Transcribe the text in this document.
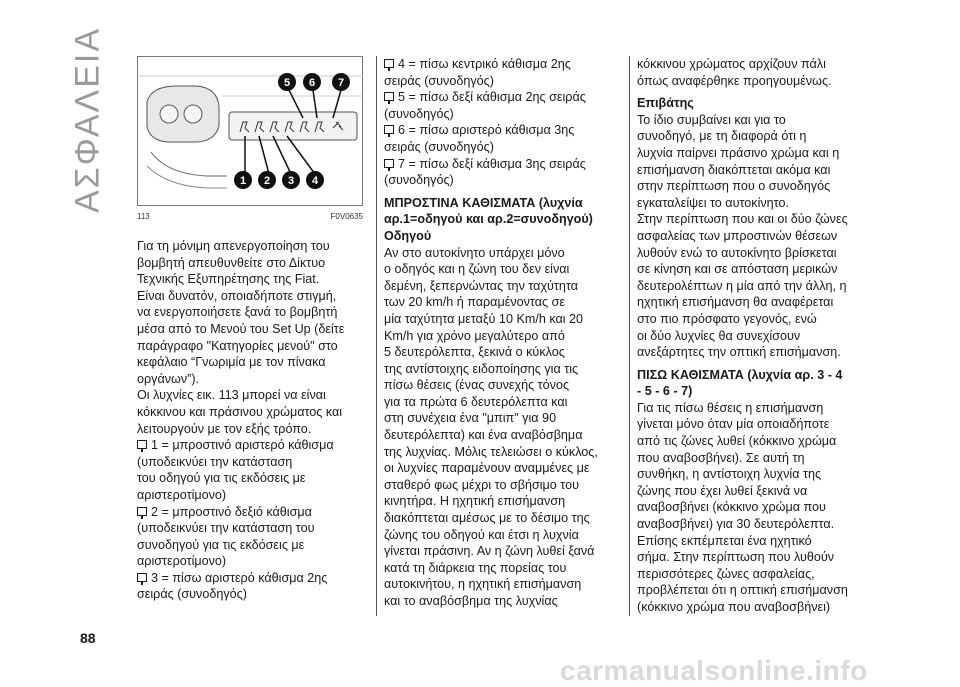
ΑΣΦΑΛΕΙΑ	1 2 3 4
5 6 7
113	F0V0635

Για τη μόνιμη απενεργοποίηση του

βομβητή απευθυνθείτε στο Δίκτυο

Τεχνικής Εξυπηρέτησης της Fiat.

Είναι δυνατόν, οποιαδήποτε στιγμή,

να ενεργοποιήσετε ξανά το βομβητή

μέσα από το Μενού του Set Up (δείτε

παράγραφο "Κατηγορίες μενού" στο

κεφάλαιο “Γνωριμία με τον πίνακα

οργάνων”).

Οι λυχνίες εικ. 113 μπορεί να είναι

κόκκινου και πράσινου χρώματος και

λειτουργούν με τον εξής τρόπο.

1 = μπροστινό αριστερό κάθισμα

(υποδεικνύει την κατάσταση

του οδηγού για τις εκδόσεις με

αριστεροτίμονο)

2 = μπροστινό δεξιό κάθισμα

(υποδεικνύει την κατάσταση του

συνοδηγού για τις εκδόσεις με

αριστεροτίμονο)

3 = πίσω αριστερό κάθισμα 2ης

σειράς (συνοδηγός)

4 = πίσω κεντρικό κάθισμα 2ης

σειράς (συνοδηγός)

5 = πίσω δεξί κάθισμα 2ης σειράς

(συνοδηγός)

6 = πίσω αριστερό κάθισμα 3ης

σειράς (συνοδηγός)

7 = πίσω δεξί κάθισμα 3ης σειράς

(συνοδηγός)

ΜΠΡΟΣΤΙΝΑ ΚΑΘΙΣΜΑΤΑ (λυχνία

αρ.1=οδηγού και αρ.2=συνοδηγού)

Οδηγού

Αν στο αυτοκίνητο υπάρχει μόνο

ο οδηγός και η ζώνη του δεν είναι

δεμένη, ξεπερνώντας την ταχύτητα

των 20 km/h ή παραμένοντας σε

μία ταχύτητα μεταξύ 10 Km/h και 20

Km/h για χρόνο μεγαλύτερο από

5 δευτερόλεπτα, ξεκινά ο κύκλος

της αντίστοιχης ειδοποίησης για τις

πίσω θέσεις (ένας συνεχής τόνος

για τα πρώτα 6 δευτερόλεπτα και

στη συνέχεια ένα "μπιπ" για 90

δευτερόλεπτα) και ένα αναβόσβημα

της λυχνίας. Μόλις τελειώσει ο κύκλος,

οι λυχνίες παραμένουν αναμμένες με

σταθερό φως μέχρι το σβήσιμο του

κινητήρα. Η ηχητική επισήμανση

διακόπτεται αμέσως με το δέσιμο της

ζώνης του οδηγού και έτσι η λυχνία

γίνεται πράσινη. Αν η ζώνη λυθεί ξανά

κατά τη διάρκεια της πορείας του

αυτοκινήτου, η ηχητική επισήμανση

και το αναβόσβημα της λυχνίας

κόκκινου χρώματος αρχίζουν πάλι

όπως αναφέρθηκε προηγουμένως.

Επιβάτης

Το ίδιο συμβαίνει και για το

συνοδηγό, με τη διαφορά ότι η

λυχνία παίρνει πράσινο χρώμα και η

επισήμανση διακόπτεται ακόμα και

στην περίπτωση που ο συνοδηγός

εγκαταλείψει το αυτοκίνητο.

Στην περίπτωση που και οι δύο ζώνες

ασφαλείας των μπροστινών θέσεων

λυθούν ενώ το αυτοκίνητο βρίσκεται

σε κίνηση και σε απόσταση μερικών

δευτερολέπτων η μία από την άλλη, η

ηχητική επισήμανση θα αναφέρεται

στο πιο πρόσφατο γεγονός, ενώ

οι δύο λυχνίες θα συνεχίσουν

ανεξάρτητες την οπτική επισήμανση.

ΠΙΣΩ ΚΑΘΙΣΜΑΤΑ (λυχνία αρ. 3 - 4

- 5 - 6 - 7)

Για τις πίσω θέσεις η επισήμανση

γίνεται μόνο όταν μία οποιαδήποτε

από τις ζώνες λυθεί (κόκκινο χρώμα

που αναβοσβήνει). Σε αυτή τη

συνθήκη, η αντίστοιχη λυχνία της

ζώνης που έχει λυθεί ξεκινά να

αναβοσβήνει (κόκκινο χρώμα που

αναβοσβήνει) για 30 δευτερόλεπτα.

Επίσης εκπέμπεται ένα ηχητικό

σήμα. Στην περίπτωση που λυθούν

περισσότερες ζώνες ασφαλείας,

προβλέπεται ότι η οπτική επισήμανση

(κόκκινο χρώμα που αναβοσβήνει)

88
carmanualsonline.info
